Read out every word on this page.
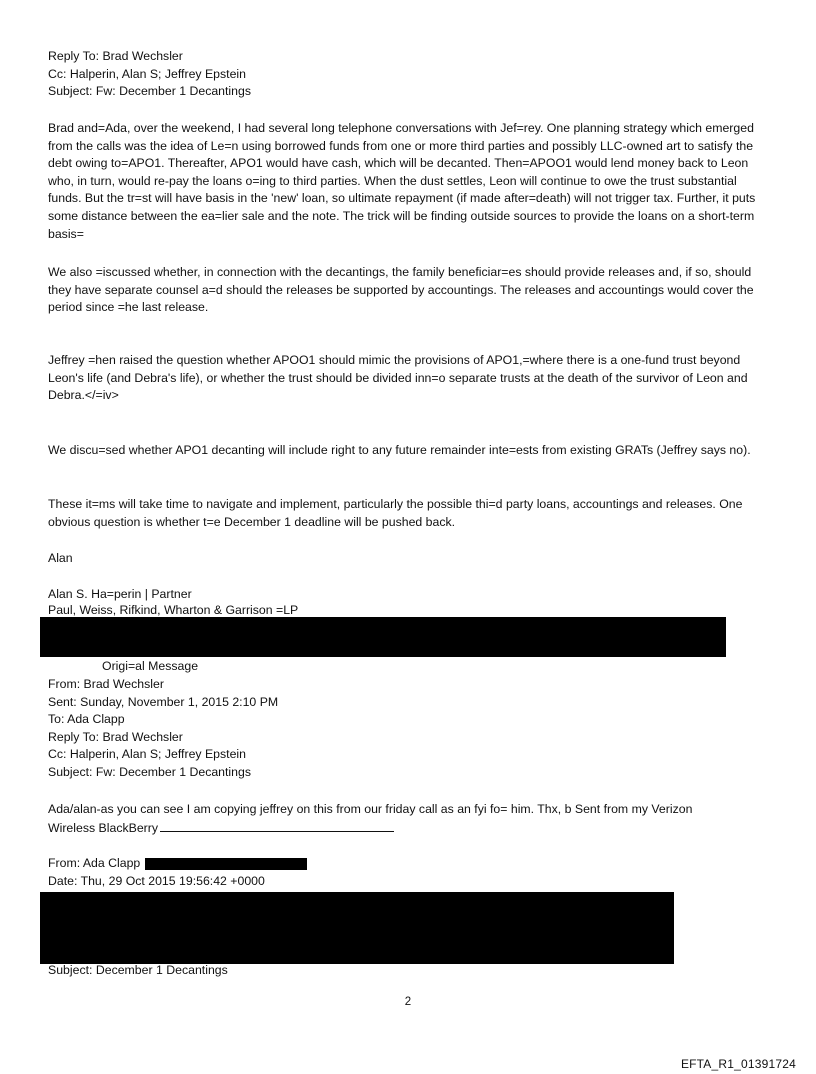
Reply To: Brad Wechsler
Cc: Halperin, Alan S; Jeffrey Epstein
Subject: Fw: December 1 Decantings

Brad and=Ada, over the weekend, I had several long telephone conversations with Jef=rey. One planning strategy which emerged from the calls was the idea of Le=n using borrowed funds from one or more third parties and possibly LLC-owned art to satisfy the debt owing to=APO1. Thereafter, APO1 would have cash, which will be decanted. Then=APOO1 would lend money back to Leon who, in turn, would re-pay the loans o=ing to third parties. When the dust settles, Leon will continue to owe the trust substantial funds. But the tr=st will have basis in the 'new' loan, so ultimate repayment (if made after=death) will not trigger tax. Further, it puts some distance between the ea=lier sale and the note. The trick will be finding outside sources to provide the loans on a short-term basis=

We also =iscussed whether, in connection with the decantings, the family beneficiar=es should provide releases and, if so, should they have separate counsel a=d should the releases be supported by accountings. The releases and accountings would cover the period since =he last release.

Jeffrey =hen raised the question whether APOO1 should mimic the provisions of APO1,=where there is a one-fund trust beyond Leon's life (and Debra's life), or whether the trust should be divided inn=o separate trusts at the death of the survivor of Leon and Debra.</=iv>

We discu=sed whether APO1 decanting will include right to any future remainder inte=ests from existing GRATs (Jeffrey says no).

These it=ms will take time to navigate and implement, particularly the possible thi=d party loans, accountings and releases. One obvious question is whether t=e December 1 deadline will be pushed back.

Alan

Alan S. Ha=perin | Partner
Paul, Weiss, Rifkind, Wharton & Garrison =LP
Origi=al Message
From: Brad Wechsler
Sent: Sunday, November 1, 2015 2:10 PM
To: Ada Clapp
Reply To: Brad Wechsler
Cc: Halperin, Alan S; Jeffrey Epstein
Subject: Fw: December 1 Decantings
Ada/alan-as you can see I am copying jeffrey on this from our friday call as an fyi fo= him. Thx, b Sent from my Verizon
Wireless BlackBerry
From: Ada Clapp
Date: Thu, 29 Oct 2015 19:56:42 +0000
Subject: December 1 Decantings
2
EFTA_R1_01391724
